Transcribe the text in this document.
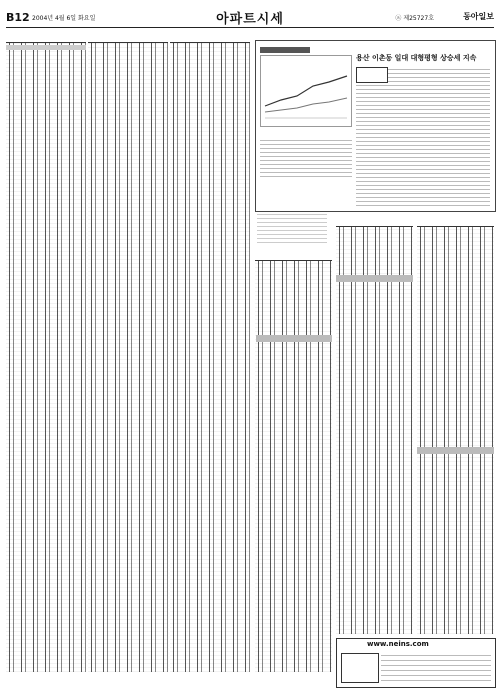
B12 2004년 4월 6일 화요일	아파트시세	ⓐ 제25727호	동아일보
용산 이촌동 일대 대형평형 상승세 지속
www.neins.com
